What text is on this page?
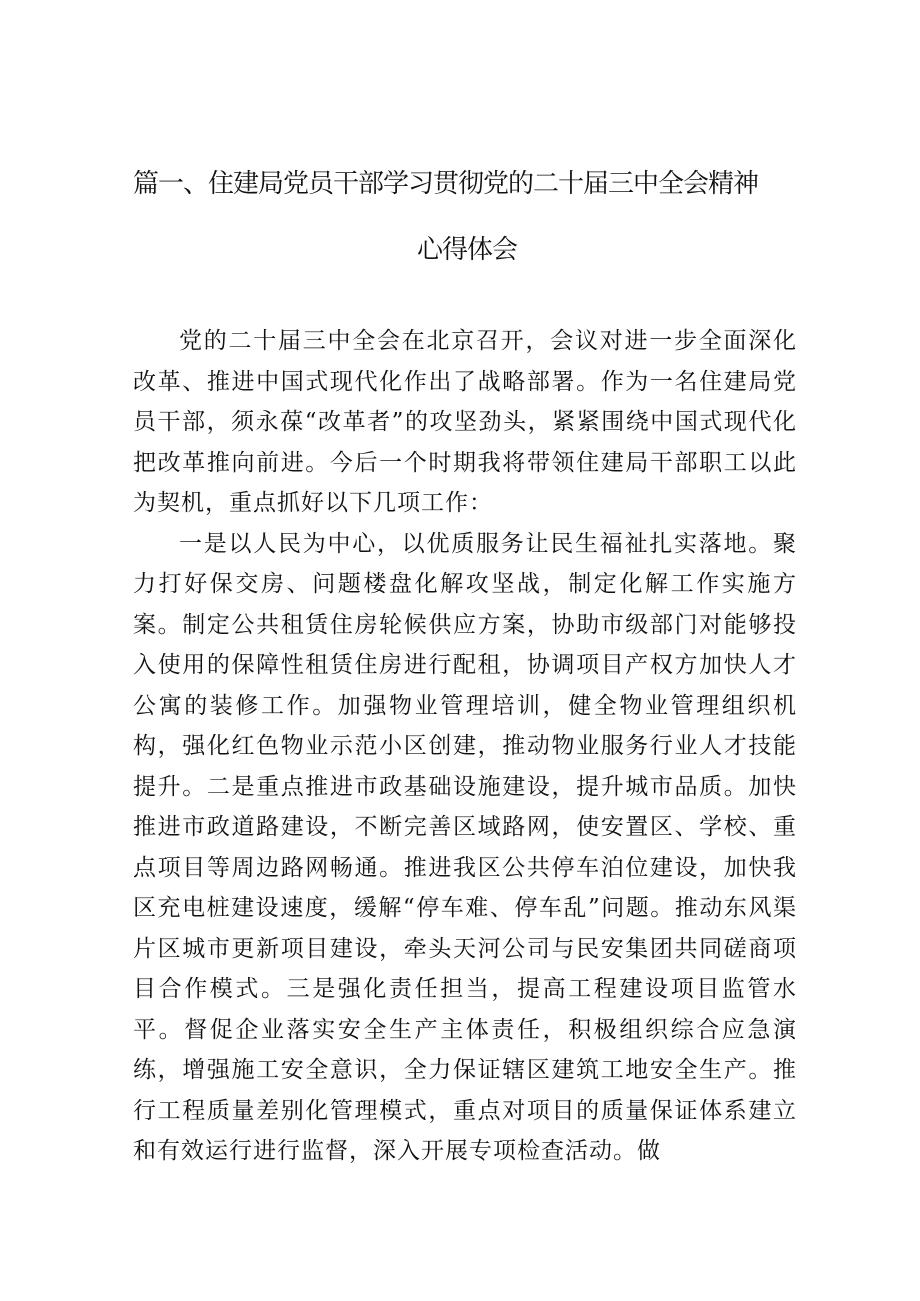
篇一、住建局党员干部学习贯彻党的二十届三中全会精神
心得体会

党的二十届三中全会在北京召开，会议对进一步全面深化改革、推进中国式现代化作出了战略部署。作为一名住建局党员干部，须永葆“改革者”的攻坚劲头，紧紧围绕中国式现代化把改革推向前进。今后一个时期我将带领住建局干部职工以此为契机，重点抓好以下几项工作：

一是以人民为中心，以优质服务让民生福祉扎实落地。聚力打好保交房、问题楼盘化解攻坚战，制定化解工作实施方案。制定公共租赁住房轮候供应方案，协助市级部门对能够投入使用的保障性租赁住房进行配租，协调项目产权方加快人才公寓的装修工作。加强物业管理培训，健全物业管理组织机构，强化红色物业示范小区创建，推动物业服务行业人才技能提升。二是重点推进市政基础设施建设，提升城市品质。加快推进市政道路建设，不断完善区域路网，使安置区、学校、重点项目等周边路网畅通。推进我区公共停车泊位建设，加快我区充电桩建设速度，缓解“停车难、停车乱”问题。推动东风渠片区城市更新项目建设，牵头天河公司与民安集团共同磋商项目合作模式。三是强化责任担当，提高工程建设项目监管水平。督促企业落实安全生产主体责任，积极组织综合应急演练，增强施工安全意识，全力保证辖区建筑工地安全生产。推行工程质量差别化管理模式，重点对项目的质量保证体系建立和有效运行进行监督，深入开展专项检查活动。做
